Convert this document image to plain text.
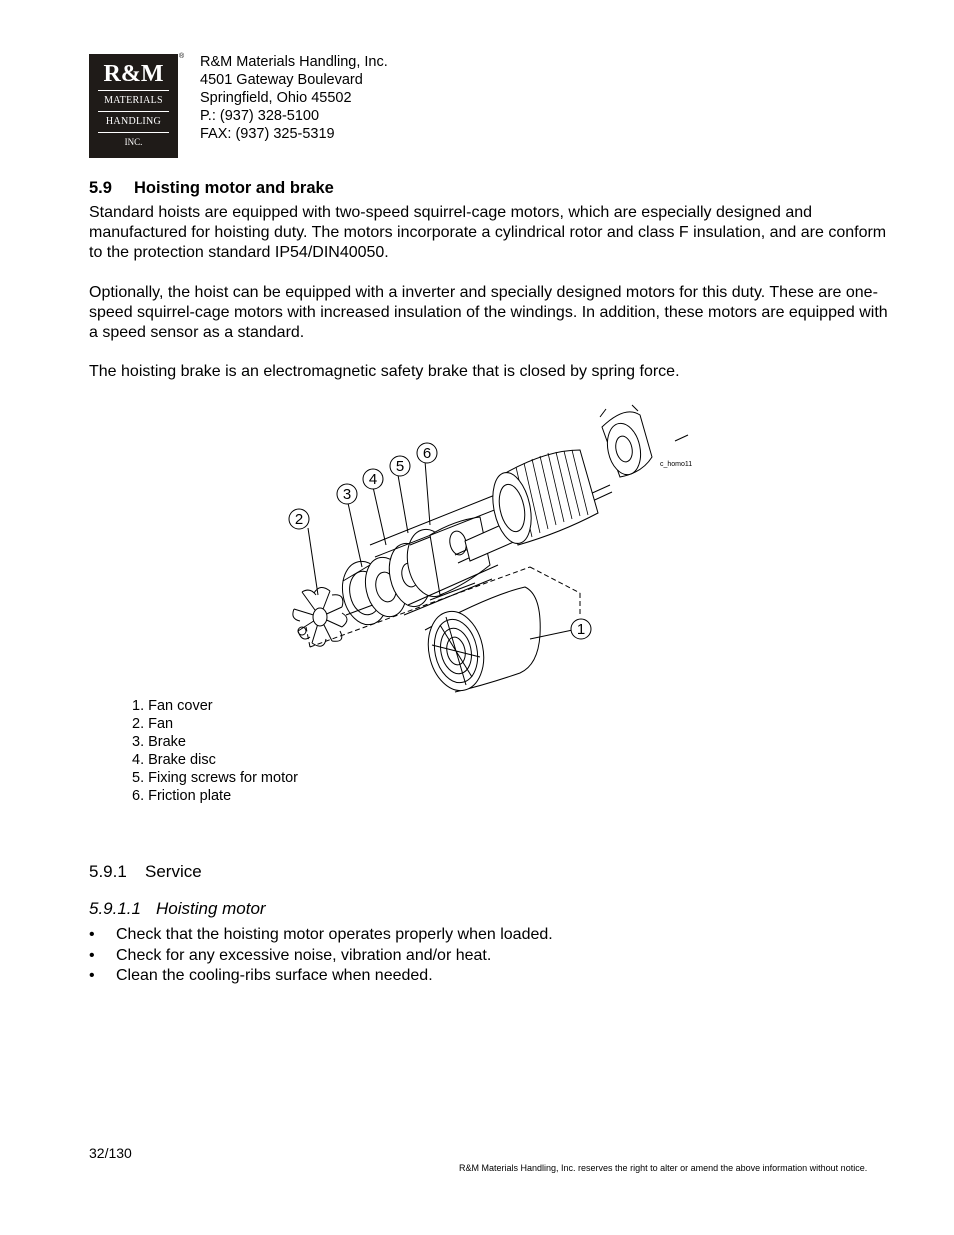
R&M
MATERIALS
HANDLING
INC.
® R&M Materials Handling, Inc.
4501 Gateway Boulevard
Springfield, Ohio 45502
P.: (937) 328-5100
FAX: (937) 325-5319
5.9 Hoisting motor and brake
Standard hoists are equipped with two-speed squirrel-cage motors, which are especially designed and manufactured for hoisting duty. The motors incorporate a cylindrical rotor and class F insulation, and are conform to the protection standard IP54/DIN40050.
Optionally, the hoist can be equipped with a inverter and specially designed motors for this duty. These are one-speed squirrel-cage motors with increased insulation of the windings. In addition, these motors are equipped with a speed sensor as a standard.
The hoisting brake is an electromagnetic safety brake that is closed by spring force.
1
2
3
4
5
6
c_homo11
1. Fan cover
2. Fan
3. Brake
4. Brake disc
5. Fixing screws for motor
6. Friction plate
5.9.1 Service
5.9.1.1 Hoisting motor
• Check that the hoisting motor operates properly when loaded.
• Check for any excessive noise, vibration and/or heat.
• Clean the cooling-ribs surface when needed.
32/130
R&M Materials Handling, Inc. reserves the right to alter or amend the above information without notice.
